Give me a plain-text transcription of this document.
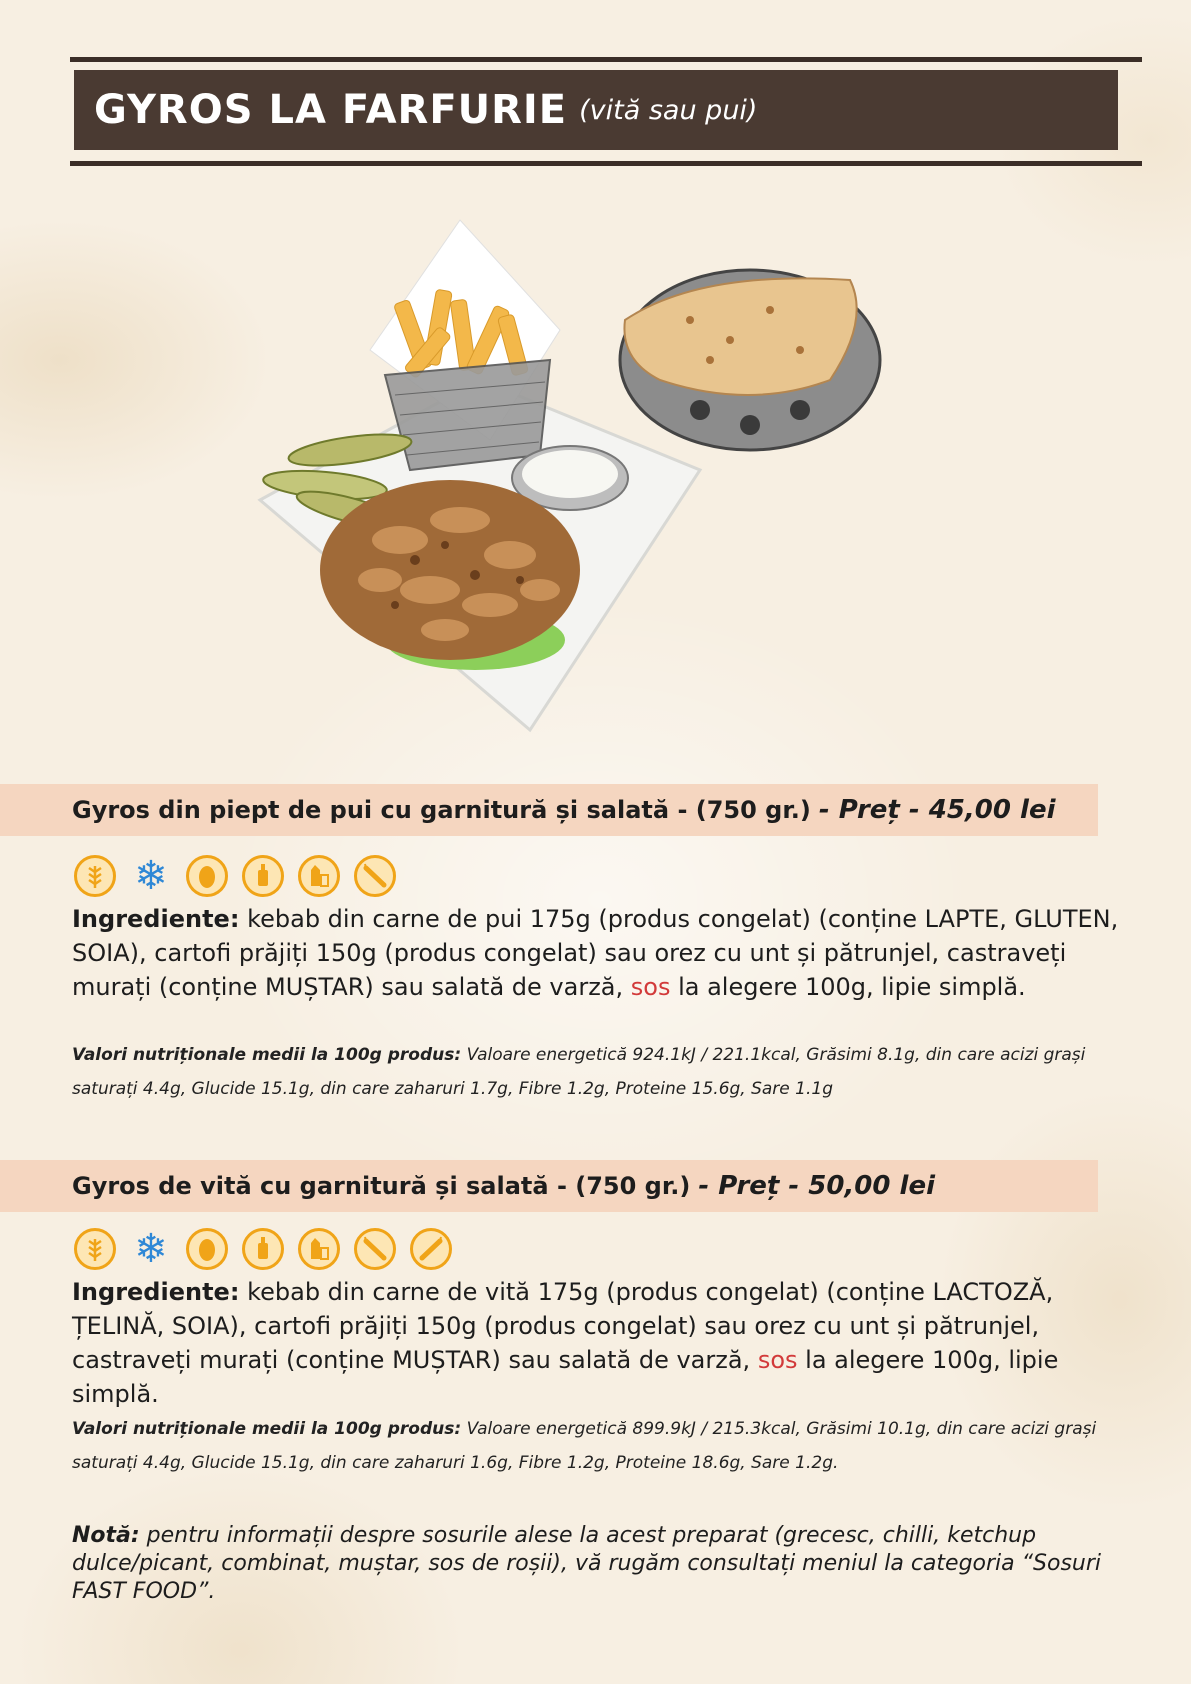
GYROS LA FARFURIE (vită sau pui)
Gyros din piept de pui cu garnitură și salată - (750 gr.) - Preț - 45,00 lei
❄
Ingrediente: kebab din carne de pui 175g (produs congelat) (conține LAPTE, GLUTEN, SOIA), cartofi prăjiți 150g (produs congelat) sau orez cu unt și pătrunjel, castraveți murați (conține MUȘTAR) sau salată de varză, sos la alegere 100g, lipie simplă.
Valori nutriționale medii la 100g produs: Valoare energetică 924.1kJ / 221.1kcal, Grăsimi 8.1g, din care acizi grași saturați 4.4g, Glucide 15.1g, din care zaharuri 1.7g, Fibre 1.2g, Proteine 15.6g, Sare 1.1g
Gyros de vită cu garnitură și salată - (750 gr.) - Preț - 50,00 lei
❄
Ingrediente: kebab din carne de vită 175g (produs congelat) (conține LACTOZĂ, ȚELINĂ, SOIA), cartofi prăjiți 150g (produs congelat) sau orez cu unt și pătrunjel, castraveți murați (conține MUȘTAR) sau salată de varză, sos la alegere 100g, lipie simplă.
Valori nutriționale medii la 100g produs: Valoare energetică 899.9kJ / 215.3kcal, Grăsimi 10.1g, din care acizi grași saturați 4.4g, Glucide 15.1g, din care zaharuri 1.6g, Fibre 1.2g, Proteine 18.6g, Sare 1.2g.
Notă: pentru informații despre sosurile alese la acest preparat (grecesc, chilli, ketchup dulce/picant, combinat, muștar, sos de roșii), vă rugăm consultați meniul la categoria “Sosuri FAST FOOD”.
